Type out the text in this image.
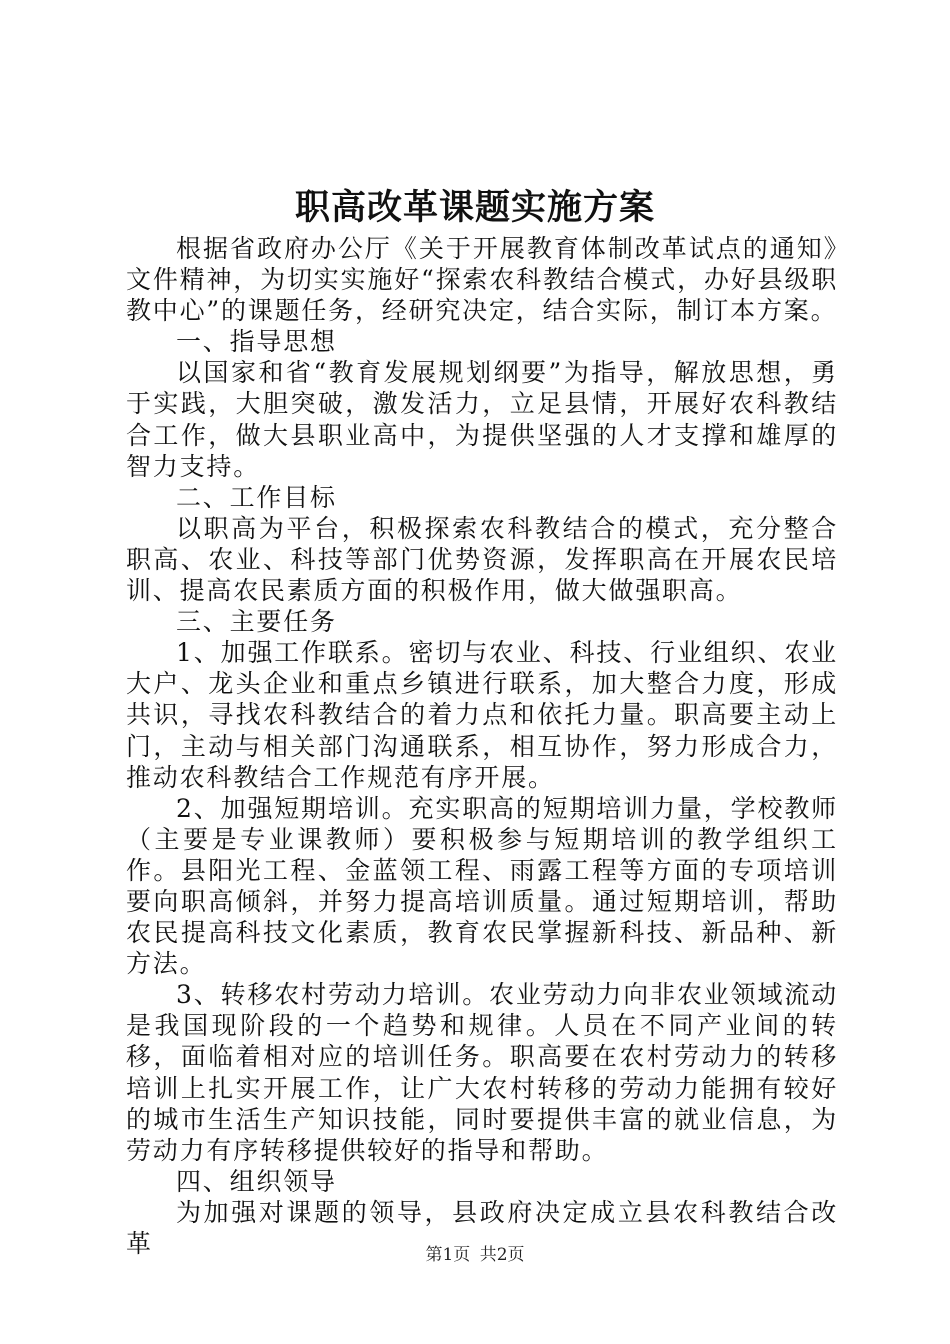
职高改革课题实施方案

根据省政府办公厅《关于开展教育体制改革试点的通知》文件精神，为切实实施好“探索农科教结合模式，办好县级职教中心”的课题任务，经研究决定，结合实际，制订本方案。

一、指导思想

以国家和省“教育发展规划纲要”为指导，解放思想，勇于实践，大胆突破，激发活力，立足县情，开展好农科教结合工作，做大县职业高中，为提供坚强的人才支撑和雄厚的智力支持。

二、工作目标

以职高为平台，积极探索农科教结合的模式，充分整合职高、农业、科技等部门优势资源，发挥职高在开展农民培训、提高农民素质方面的积极作用，做大做强职高。

三、主要任务

1、加强工作联系。密切与农业、科技、行业组织、农业大户、龙头企业和重点乡镇进行联系，加大整合力度，形成共识，寻找农科教结合的着力点和依托力量。职高要主动上门，主动与相关部门沟通联系，相互协作，努力形成合力，推动农科教结合工作规范有序开展。

2、加强短期培训。充实职高的短期培训力量，学校教师（主要是专业课教师）要积极参与短期培训的教学组织工作。县阳光工程、金蓝领工程、雨露工程等方面的专项培训要向职高倾斜，并努力提高培训质量。通过短期培训，帮助农民提高科技文化素质，教育农民掌握新科技、新品种、新方法。

3、转移农村劳动力培训。农业劳动力向非农业领域流动是我国现阶段的一个趋势和规律。人员在不同产业间的转移，面临着相对应的培训任务。职高要在农村劳动力的转移培训上扎实开展工作，让广大农村转移的劳动力能拥有较好的城市生活生产知识技能，同时要提供丰富的就业信息，为劳动力有序转移提供较好的指导和帮助。

四、组织领导

为加强对课题的领导，县政府决定成立县农科教结合改革	第1页 共2页
